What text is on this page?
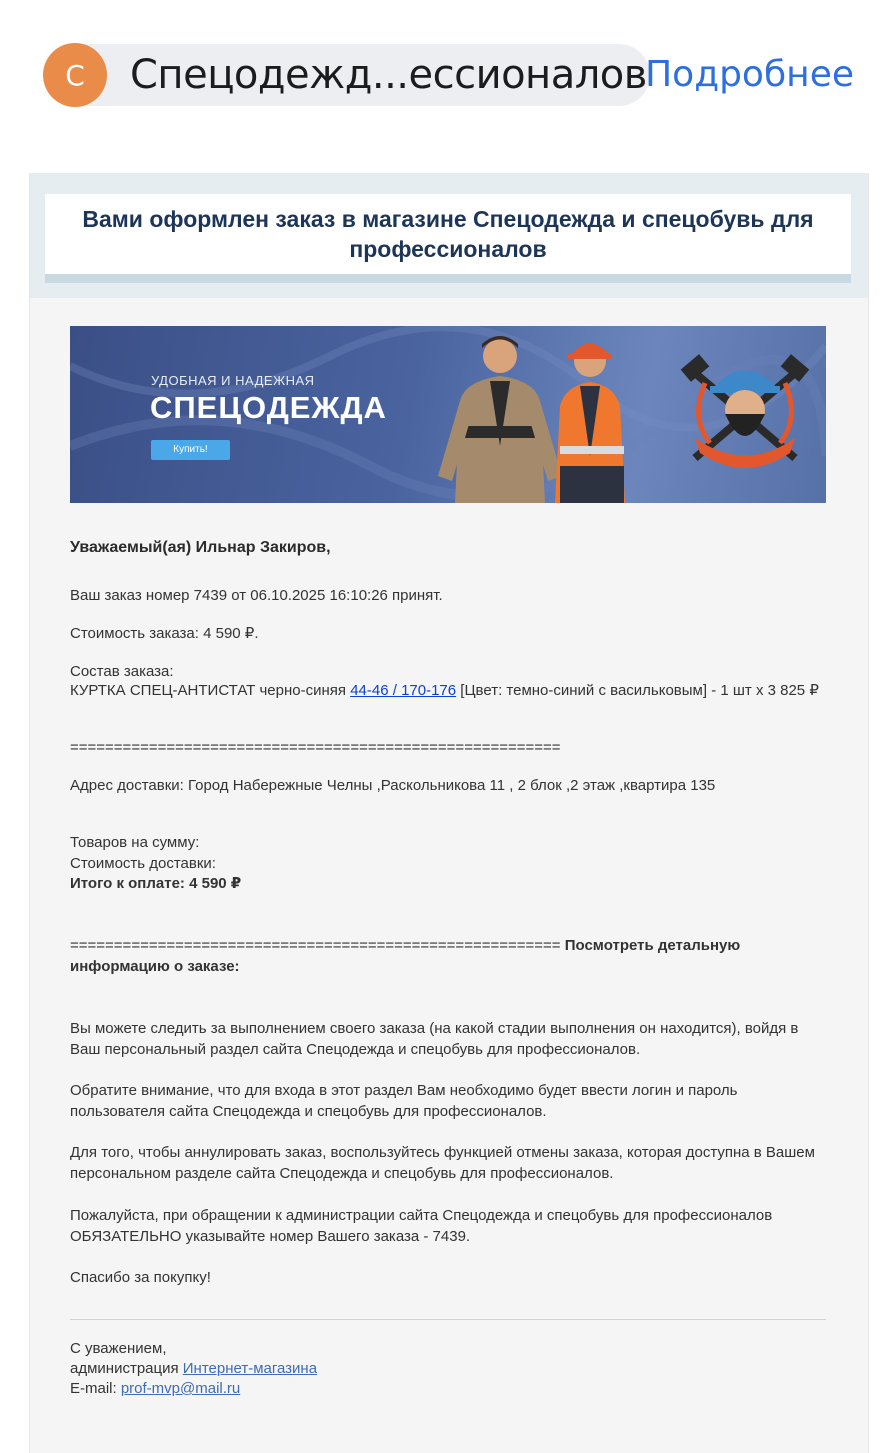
С	Спецодежд...ессионалов
Подробнее
Вами оформлен заказ в магазине Спецодежда и спецобувь для профессионалов
УДОБНАЯ И НАДЕЖНАЯ
СПЕЦОДЕЖДА
Купить!
Уважаемый(ая) Ильнар Закиров,
Ваш заказ номер 7439 от 06.10.2025 16:10:26 принят.
Стоимость заказа: 4 590 ₽.
Состав заказа:
КУРТКА СПЕЦ-АНТИСТАТ черно-синяя 44-46 / 170-176 [Цвет: темно-синий с васильковым] - 1 шт х 3 825 ₽
========================================================
Адрес доставки: Город Набережные Челны ,Раскольникова 11 , 2 блок ,2 этаж ,квартира 135
Товаров на сумму:
Стоимость доставки:
Итого к оплате: 4 590 ₽
======================================================== Посмотреть детальную информацию о заказе:
Вы можете следить за выполнением своего заказа (на какой стадии выполнения он находится), войдя в Ваш персональный раздел сайта Спецодежда и спецобувь для профессионалов.
Обратите внимание, что для входа в этот раздел Вам необходимо будет ввести логин и пароль пользователя сайта Спецодежда и спецобувь для профессионалов.
Для того, чтобы аннулировать заказ, воспользуйтесь функцией отмены заказа, которая доступна в Вашем персональном разделе сайта Спецодежда и спецобувь для профессионалов.
Пожалуйста, при обращении к администрации сайта Спецодежда и спецобувь для профессионалов ОБЯЗАТЕЛЬНО указывайте номер Вашего заказа - 7439.
Спасибо за покупку!
С уважением,
администрация Интернет-магазина
E-mail: prof-mvp@mail.ru
